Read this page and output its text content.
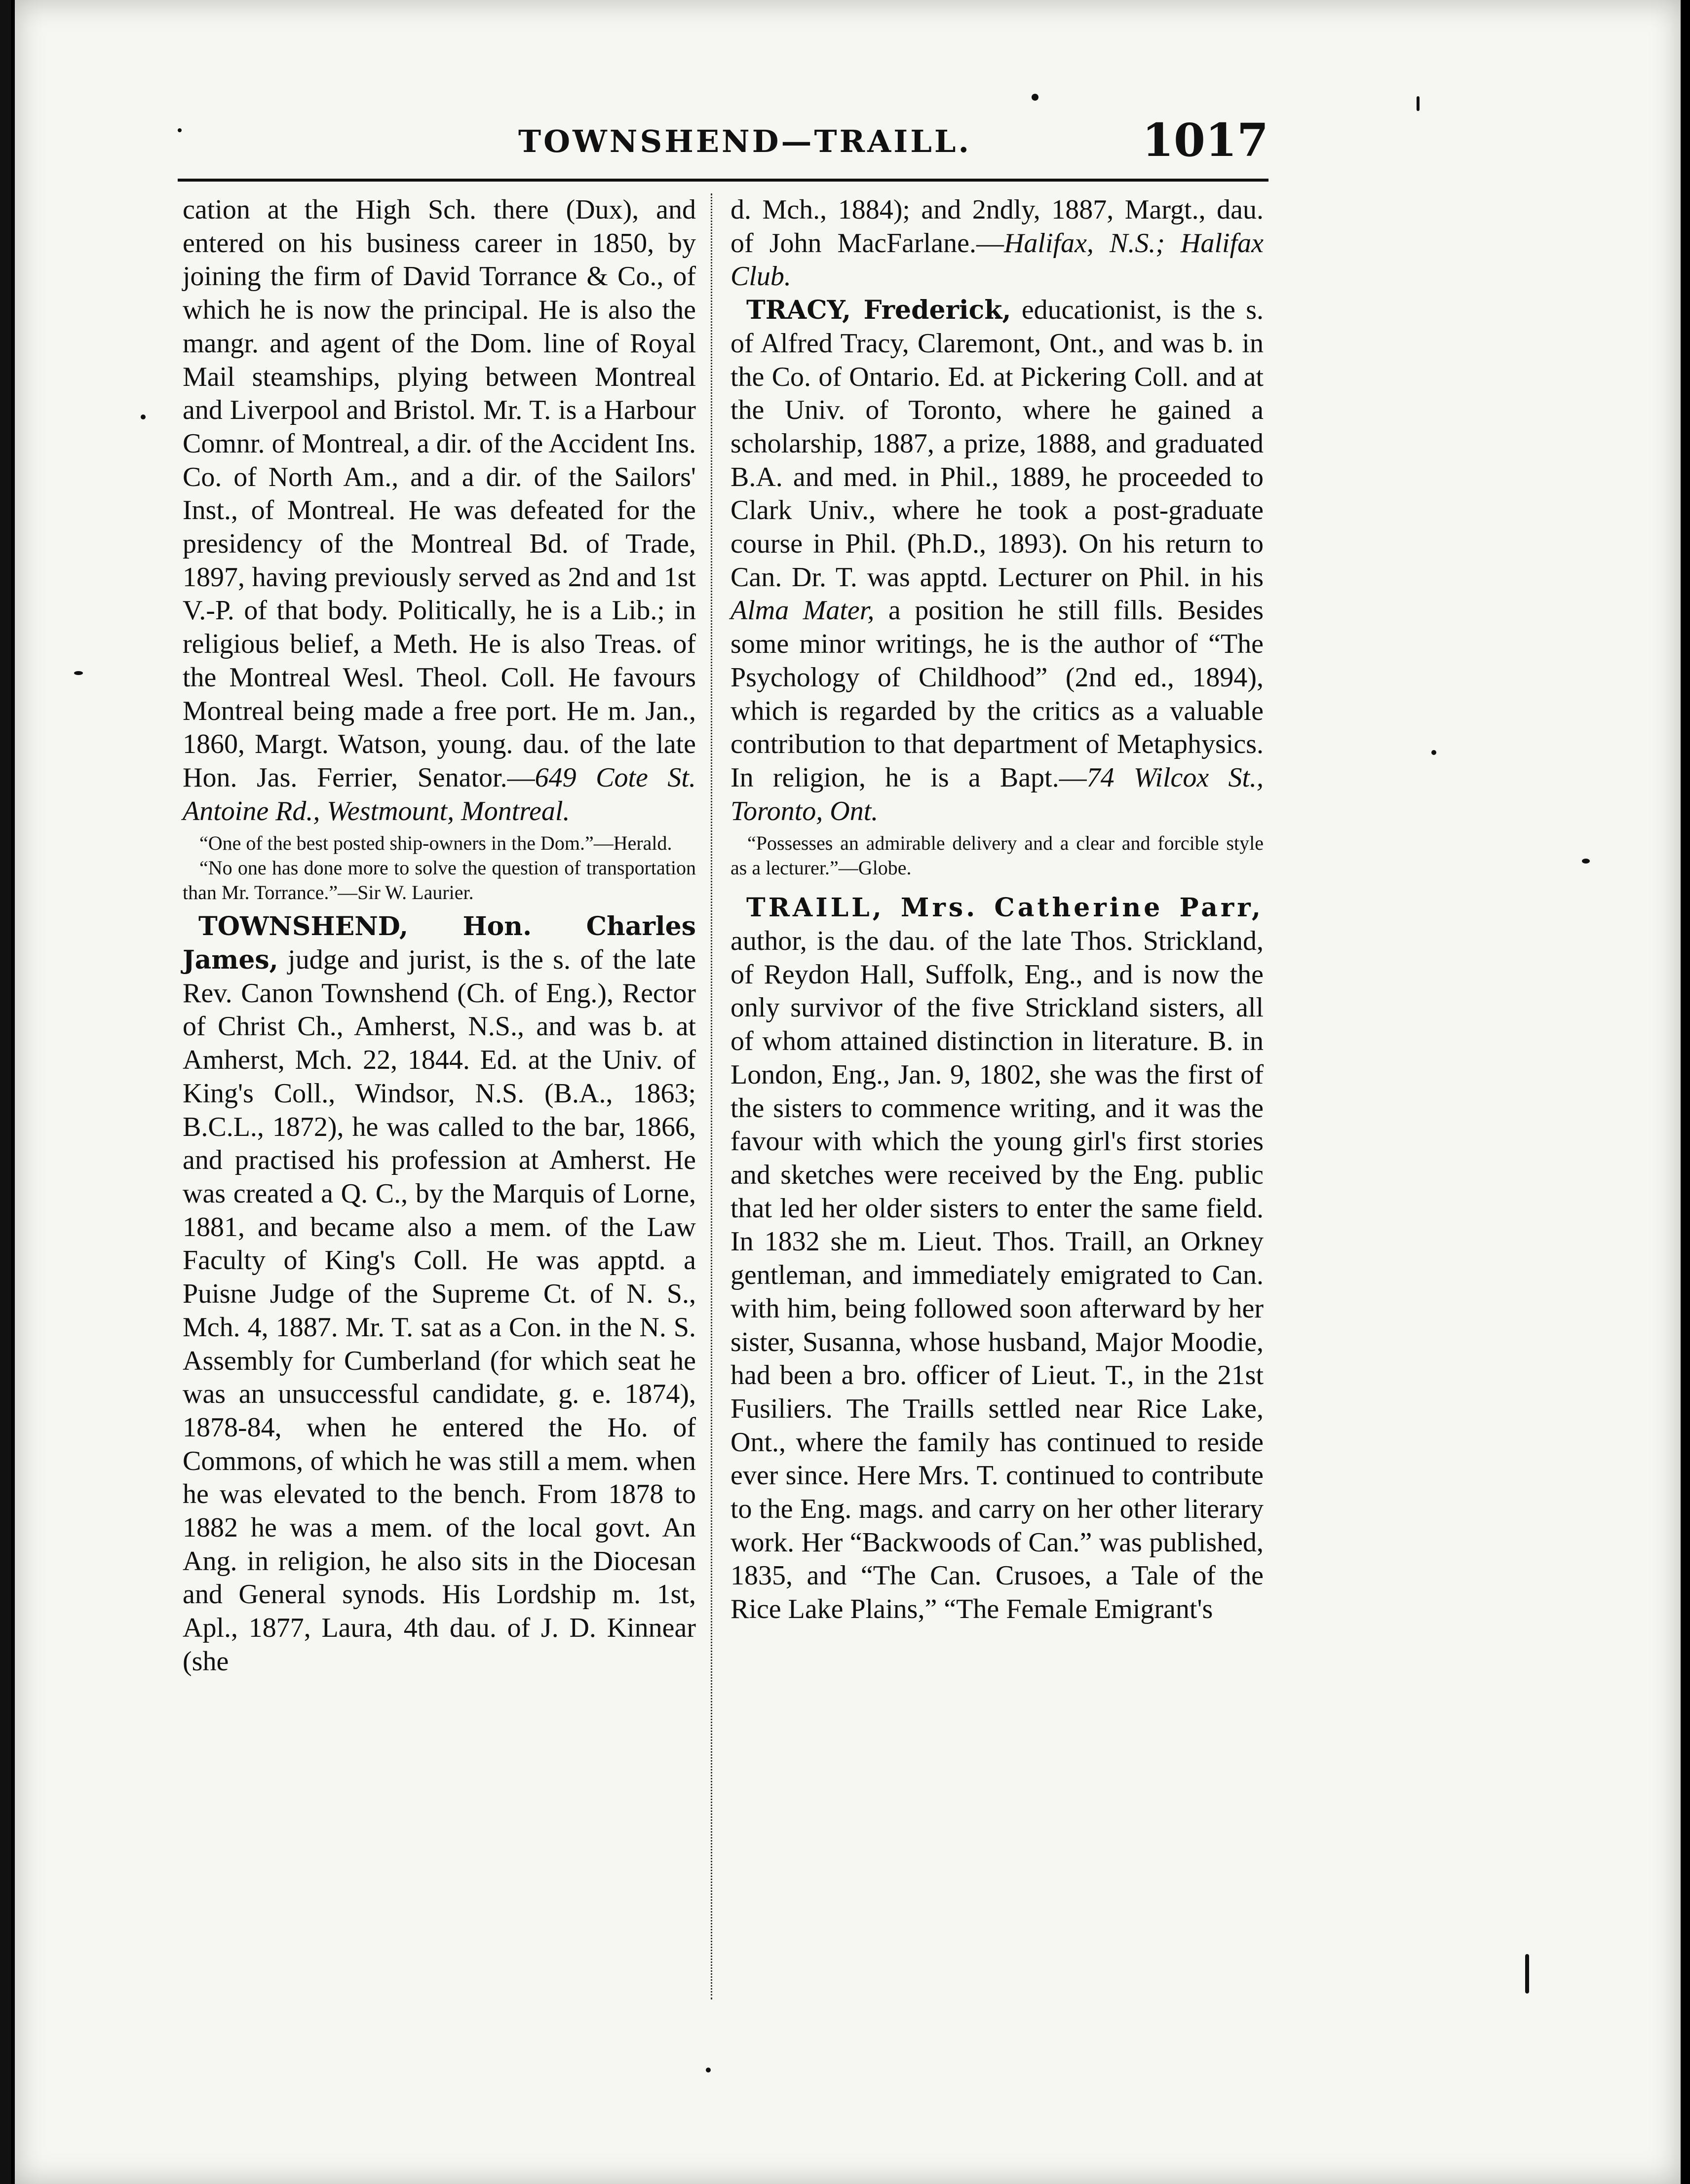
TOWNSHEND—TRAILL.	1017

cation at the High Sch. there (Dux), and entered on his business career in 1850, by joining the firm of David Torrance & Co., of which he is now the principal. He is also the mangr. and agent of the Dom. line of Royal Mail steamships, plying between Montreal and Liverpool and Bristol. Mr. T. is a Harbour Comnr. of Montreal, a dir. of the Accident Ins. Co. of North Am., and a dir. of the Sailors' Inst., of Montreal. He was defeated for the presidency of the Montreal Bd. of Trade, 1897, having previously served as 2nd and 1st V.-P. of that body. Politically, he is a Lib.; in religious belief, a Meth. He is also Treas. of the Montreal Wesl. Theol. Coll. He favours Montreal being made a free port. He m. Jan., 1860, Margt. Watson, young. dau. of the late Hon. Jas. Ferrier, Senator.—649 Cote St. Antoine Rd., Westmount, Montreal.

“One of the best posted ship-owners in the Dom.”—Herald.

“No one has done more to solve the question of transportation than Mr. Torrance.”—Sir W. Laurier.

TOWNSHEND, Hon. Charles James, judge and jurist, is the s. of the late Rev. Canon Townshend (Ch. of Eng.), Rector of Christ Ch., Amherst, N.S., and was b. at Amherst, Mch. 22, 1844. Ed. at the Univ. of King's Coll., Windsor, N.S. (B.A., 1863; B.C.L., 1872), he was called to the bar, 1866, and practised his profession at Amherst. He was created a Q. C., by the Marquis of Lorne, 1881, and became also a mem. of the Law Faculty of King's Coll. He was apptd. a Puisne Judge of the Supreme Ct. of N. S., Mch. 4, 1887. Mr. T. sat as a Con. in the N. S. Assembly for Cumberland (for which seat he was an unsuccessful candidate, g. e. 1874), 1878-84, when he entered the Ho. of Commons, of which he was still a mem. when he was elevated to the bench. From 1878 to 1882 he was a mem. of the local govt. An Ang. in religion, he also sits in the Diocesan and General synods. His Lordship m. 1st, Apl., 1877, Laura, 4th dau. of J. D. Kinnear (she

d. Mch., 1884); and 2ndly, 1887, Margt., dau. of John MacFarlane.—Halifax, N.S.; Halifax Club.

TRACY, Frederick, educationist, is the s. of Alfred Tracy, Claremont, Ont., and was b. in the Co. of Ontario. Ed. at Pickering Coll. and at the Univ. of Toronto, where he gained a scholarship, 1887, a prize, 1888, and graduated B.A. and med. in Phil., 1889, he proceeded to Clark Univ., where he took a post-graduate course in Phil. (Ph.D., 1893). On his return to Can. Dr. T. was apptd. Lecturer on Phil. in his Alma Mater, a position he still fills. Besides some minor writings, he is the author of “The Psychology of Childhood” (2nd ed., 1894), which is regarded by the critics as a valuable contribution to that department of Metaphysics. In religion, he is a Bapt.—74 Wilcox St., Toronto, Ont.

“Possesses an admirable delivery and a clear and forcible style as a lecturer.”—Globe.

TRAILL, Mrs. Catherine Parr, author, is the dau. of the late Thos. Strickland, of Reydon Hall, Suffolk, Eng., and is now the only survivor of the five Strickland sisters, all of whom attained distinction in literature. B. in London, Eng., Jan. 9, 1802, she was the first of the sisters to commence writing, and it was the favour with which the young girl's first stories and sketches were received by the Eng. public that led her older sisters to enter the same field. In 1832 she m. Lieut. Thos. Traill, an Orkney gentleman, and immediately emigrated to Can. with him, being followed soon afterward by her sister, Susanna, whose husband, Major Moodie, had been a bro. officer of Lieut. T., in the 21st Fusiliers. The Traills settled near Rice Lake, Ont., where the family has continued to reside ever since. Here Mrs. T. continued to contribute to the Eng. mags. and carry on her other literary work. Her “Backwoods of Can.” was published, 1835, and “The Can. Crusoes, a Tale of the Rice Lake Plains,” “The Female Emigrant's
